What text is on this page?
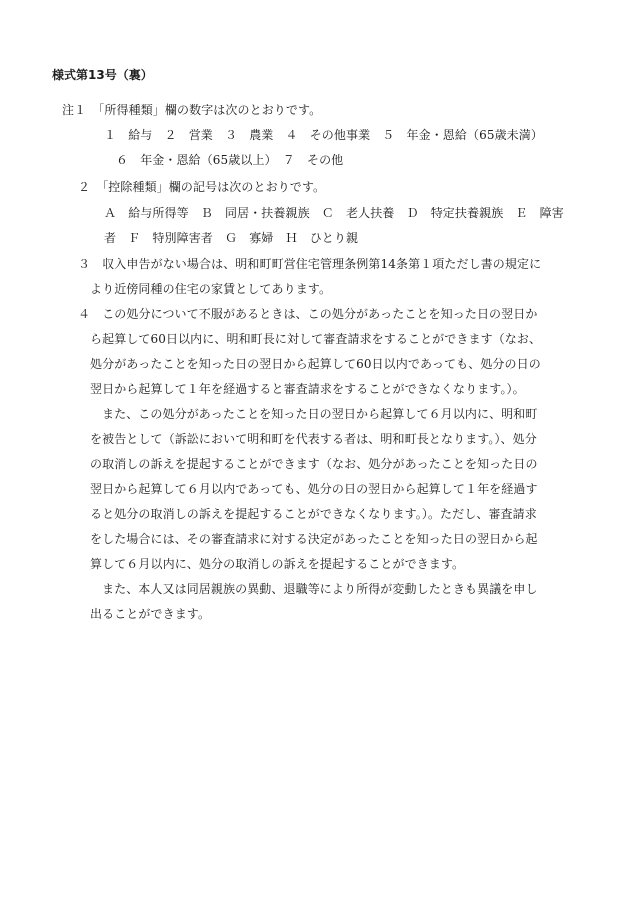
様式第13号（裏）
注１　「所得種類」欄の数字は次のとおりです。
１　給与　２　営業　３　農業　４　その他事業　５　年金・恩給（65歳未満）
６　年金・恩給（65歳以上）　７　その他
２　「控除種類」欄の記号は次のとおりです。
Ａ　給与所得等　Ｂ　同居・扶養親族　Ｃ　老人扶養　Ｄ　特定扶養親族　Ｅ　障害
者　Ｆ　特別障害者　Ｇ　寡婦　Ｈ　ひとり親
３　収入申告がない場合は、明和町町営住宅管理条例第14条第１項ただし書の規定に
より近傍同種の住宅の家賃としてあります。
４　この処分について不服があるときは、この処分があったことを知った日の翌日か
ら起算して60日以内に、明和町長に対して審査請求をすることができます（なお、
処分があったことを知った日の翌日から起算して60日以内であっても、処分の日の
翌日から起算して１年を経過すると審査請求をすることができなくなります。）。
また、この処分があったことを知った日の翌日から起算して６月以内に、明和町
を被告として（訴訟において明和町を代表する者は、明和町長となります。）、処分
の取消しの訴えを提起することができます（なお、処分があったことを知った日の
翌日から起算して６月以内であっても、処分の日の翌日から起算して１年を経過す
ると処分の取消しの訴えを提起することができなくなります。）。ただし、審査請求
をした場合には、その審査請求に対する決定があったことを知った日の翌日から起
算して６月以内に、処分の取消しの訴えを提起することができます。
また、本人又は同居親族の異動、退職等により所得が変動したときも異議を申し
出ることができます。
